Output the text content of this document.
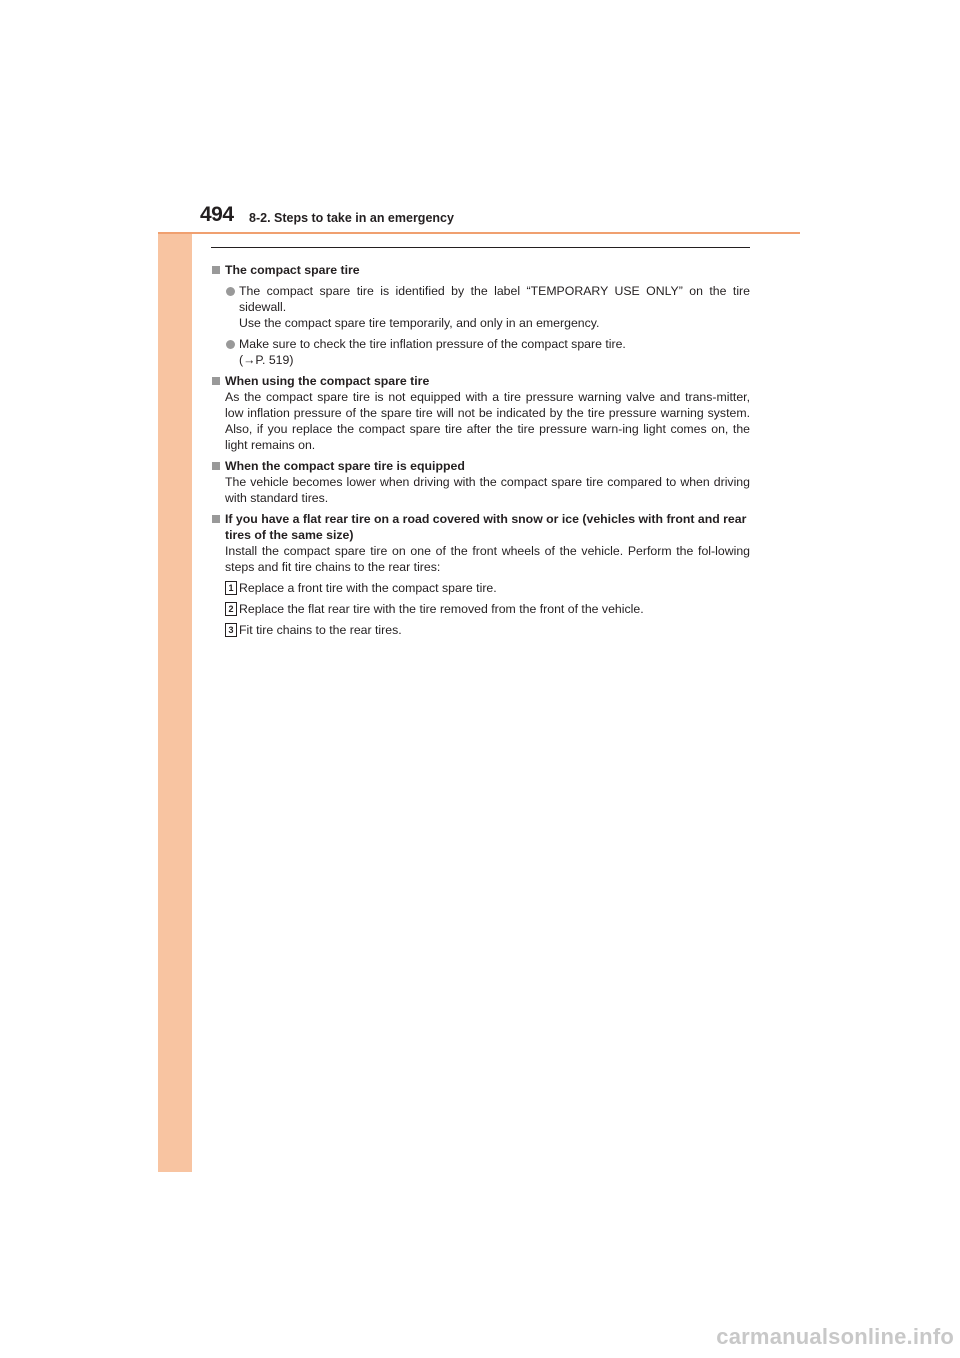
494 8-2. Steps to take in an emergency
The compact spare tire
The compact spare tire is identified by the label “TEMPORARY USE ONLY” on the tire sidewall.
Use the compact spare tire temporarily, and only in an emergency.
Make sure to check the tire inflation pressure of the compact spare tire.
(→P. 519)
When using the compact spare tire
As the compact spare tire is not equipped with a tire pressure warning valve and trans-mitter, low inflation pressure of the spare tire will not be indicated by the tire pressure warning system. Also, if you replace the compact spare tire after the tire pressure warn-ing light comes on, the light remains on.
When the compact spare tire is equipped
The vehicle becomes lower when driving with the compact spare tire compared to when driving with standard tires.
If you have a flat rear tire on a road covered with snow or ice (vehicles with front and rear tires of the same size)
Install the compact spare tire on one of the front wheels of the vehicle. Perform the fol-lowing steps and fit tire chains to the rear tires:
1 Replace a front tire with the compact spare tire.
2 Replace the flat rear tire with the tire removed from the front of the vehicle.
3 Fit tire chains to the rear tires.
carmanualsonline.info
